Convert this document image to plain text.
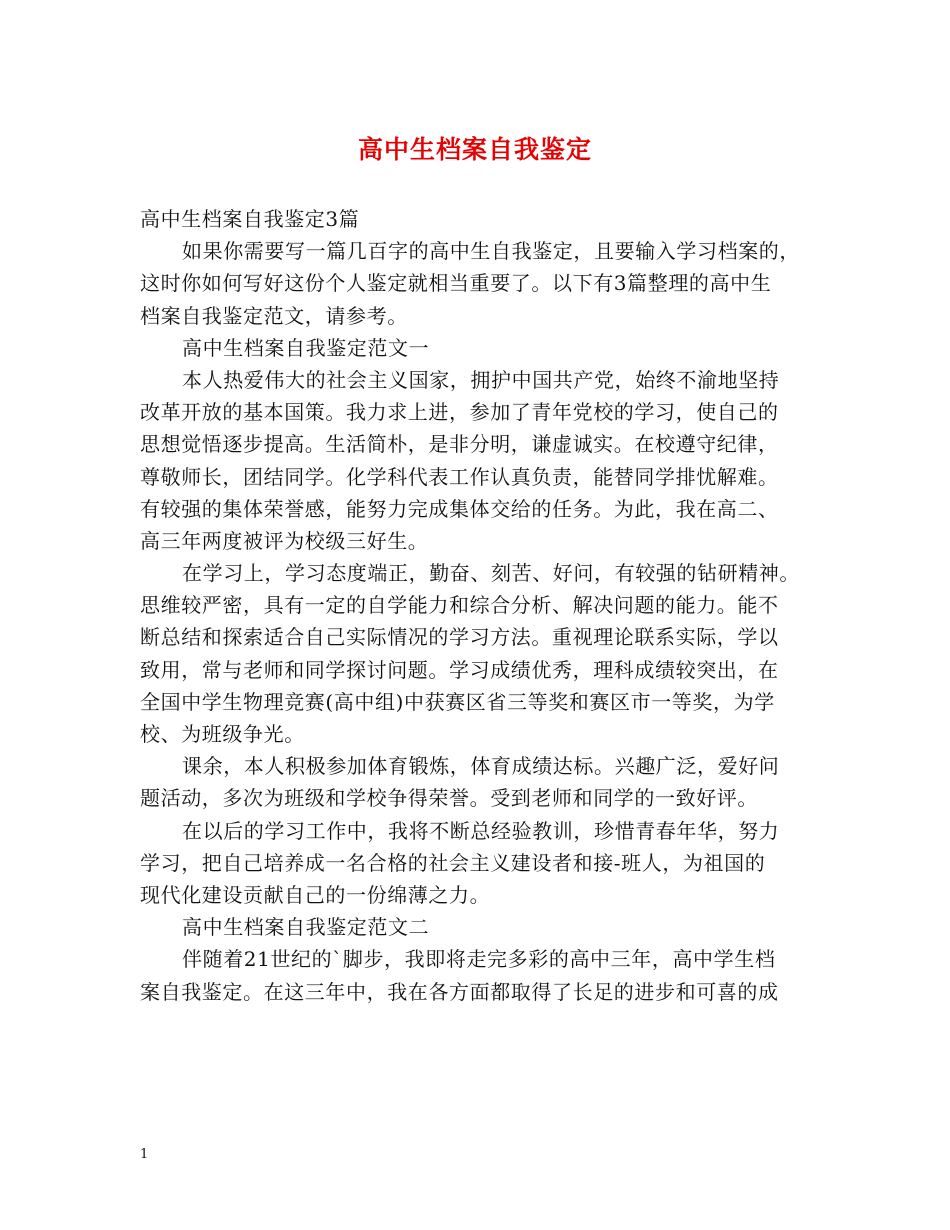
高中生档案自我鉴定
高中生档案自我鉴定3篇
如果你需要写一篇几百字的高中生自我鉴定，且要输入学习档案的，
这时你如何写好这份个人鉴定就相当重要了。以下有3篇整理的高中生
档案自我鉴定范文，请参考。
高中生档案自我鉴定范文一
本人热爱伟大的社会主义国家，拥护中国共产党，始终不渝地坚持
改革开放的基本国策。我力求上进，参加了青年党校的学习，使自己的
思想觉悟逐步提高。生活简朴，是非分明，谦虚诚实。在校遵守纪律，
尊敬师长，团结同学。化学科代表工作认真负责，能替同学排忧解难。
有较强的集体荣誉感，能努力完成集体交给的任务。为此，我在高二、
高三年两度被评为校级三好生。
在学习上，学习态度端正，勤奋、刻苦、好问，有较强的钻研精神。
思维较严密，具有一定的自学能力和综合分析、解决问题的能力。能不
断总结和探索适合自己实际情况的学习方法。重视理论联系实际，学以
致用，常与老师和同学探讨问题。学习成绩优秀，理科成绩较突出，在
全国中学生物理竞赛(高中组)中获赛区省三等奖和赛区市一等奖，为学
校、为班级争光。
课余，本人积极参加体育锻炼，体育成绩达标。兴趣广泛，爱好问
题活动，多次为班级和学校争得荣誉。受到老师和同学的一致好评。
在以后的学习工作中，我将不断总经验教训，珍惜青春年华，努力
学习，把自己培养成一名合格的社会主义建设者和接-班人，为祖国的
现代化建设贡献自己的一份绵薄之力。
高中生档案自我鉴定范文二
伴随着21世纪的`脚步，我即将走完多彩的高中三年，高中学生档
案自我鉴定。在这三年中，我在各方面都取得了长足的进步和可喜的成
1
